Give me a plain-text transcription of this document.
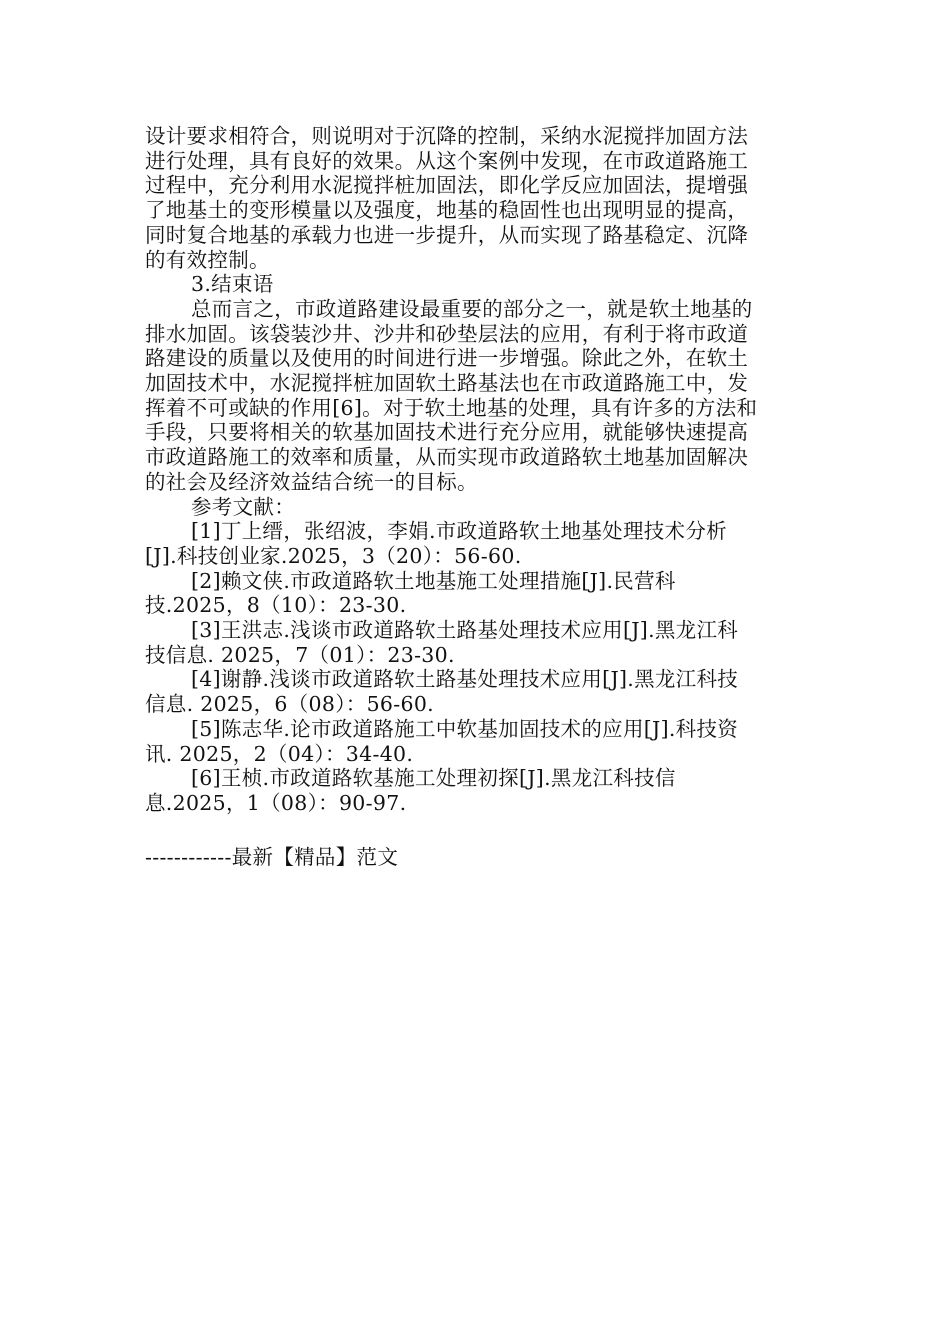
设计要求相符合，则说明对于沉降的控制，采纳水泥搅拌加固方法
进行处理，具有良好的效果。从这个案例中发现，在市政道路施工
过程中，充分利用水泥搅拌桩加固法，即化学反应加固法，提增强
了地基土的变形模量以及强度，地基的稳固性也出现明显的提高，
同时复合地基的承载力也进一步提升，从而实现了路基稳定、沉降
的有效控制。
3.结束语
总而言之，市政道路建设最重要的部分之一，就是软土地基的
排水加固。该袋装沙井、沙井和砂垫层法的应用，有利于将市政道
路建设的质量以及使用的时间进行进一步增强。除此之外，在软土
加固技术中，水泥搅拌桩加固软土路基法也在市政道路施工中，发
挥着不可或缺的作用[6]。对于软土地基的处理，具有许多的方法和
手段，只要将相关的软基加固技术进行充分应用，就能够快速提高
市政道路施工的效率和质量，从而实现市政道路软土地基加固解决
的社会及经济效益结合统一的目标。
参考文献：
[1]丁上缙，张绍波，李娟.市政道路软土地基处理技术分析
[J].科技创业家.2025，3（20）：56-60.
[2]赖文侠.市政道路软土地基施工处理措施[J].民营科
技.2025，8（10）：23-30.
[3]王洪志.浅谈市政道路软土路基处理技术应用[J].黑龙江科
技信息. 2025，7（01）：23-30.
[4]谢静.浅谈市政道路软土路基处理技术应用[J].黑龙江科技
信息. 2025，6（08）：56-60.
[5]陈志华.论市政道路施工中软基加固技术的应用[J].科技资
讯. 2025，2（04）：34-40.
[6]王桢.市政道路软基施工处理初探[J].黑龙江科技信
息.2025，1（08）：90-97.
------------最新【精品】范文
